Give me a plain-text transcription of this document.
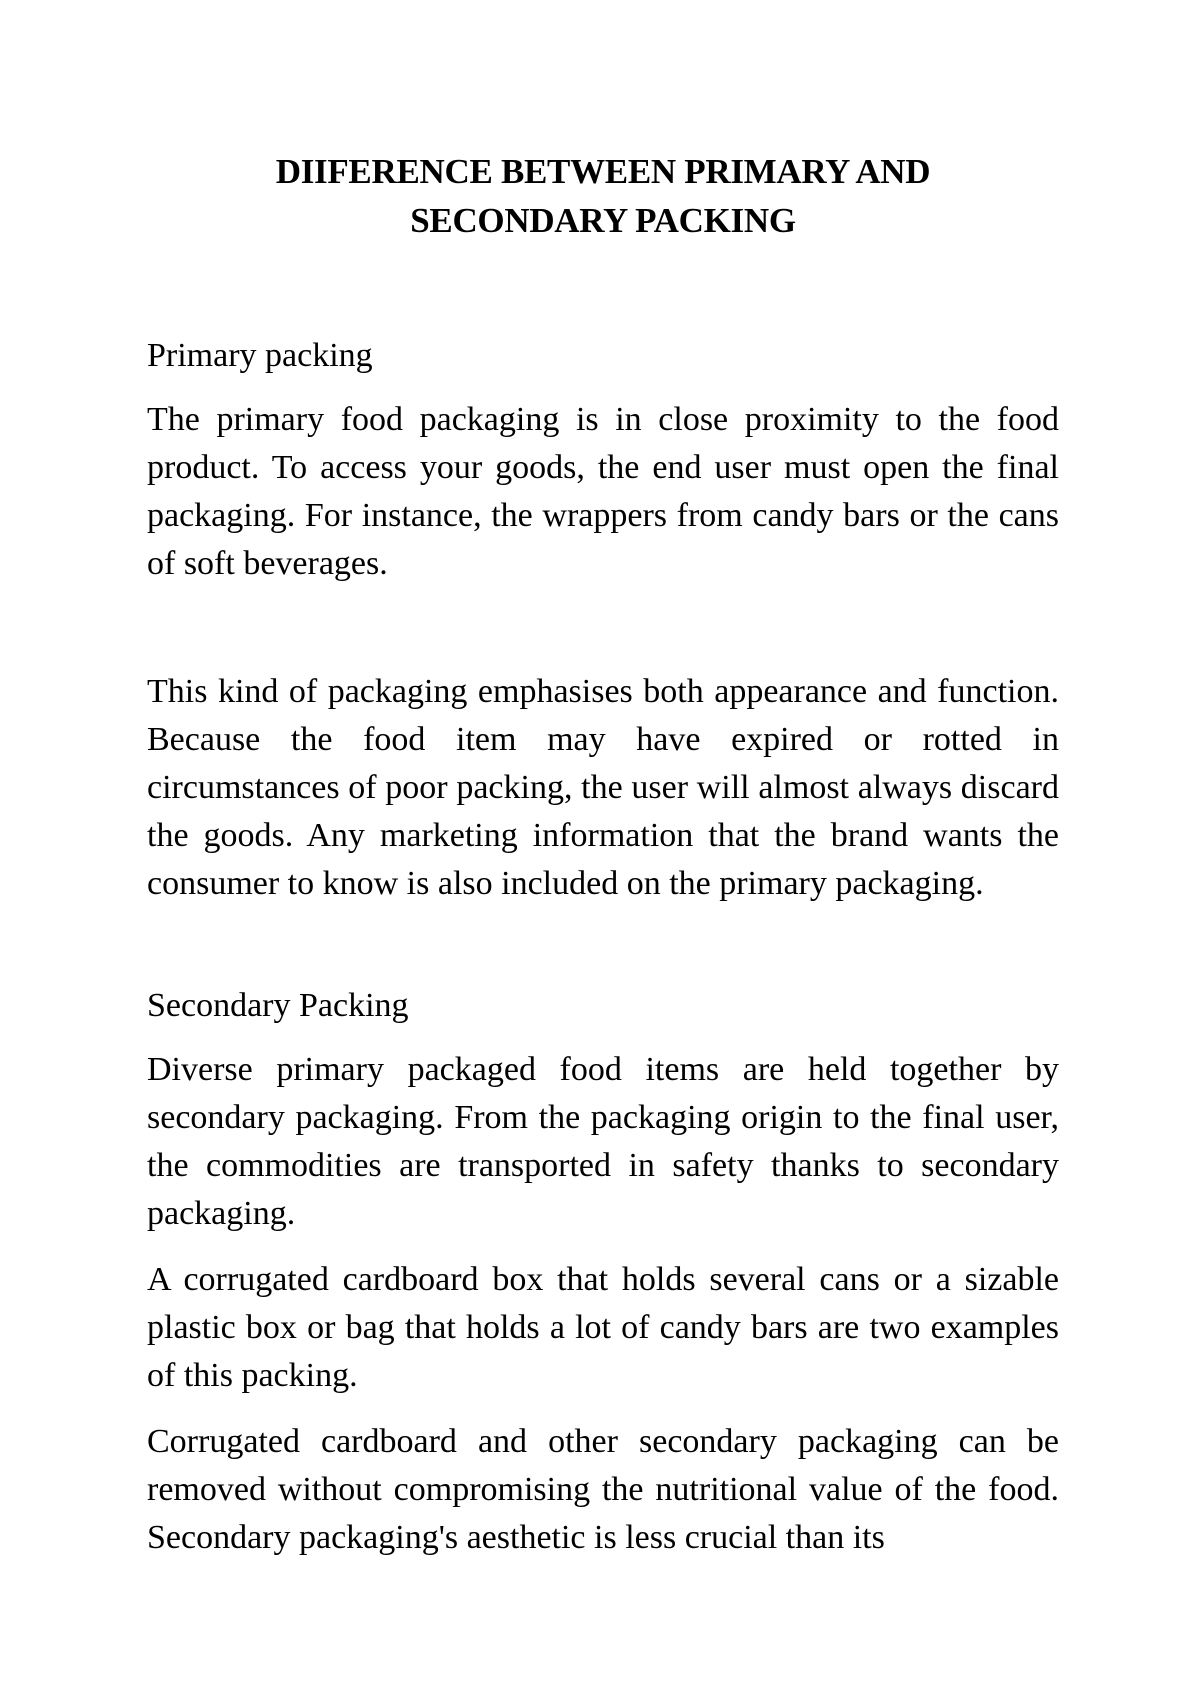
DIIFERENCE BETWEEN PRIMARY AND
SECONDARY PACKING

Primary packing

The primary food packaging is in close proximity to the food product. To access your goods, the end user must open the final packaging. For instance, the wrappers from candy bars or the cans of soft beverages.

This kind of packaging emphasises both appearance and function. Because the food item may have expired or rotted in circumstances of poor packing, the user will almost always discard the goods. Any marketing information that the brand wants the consumer to know is also included on the primary packaging.

Secondary Packing

Diverse primary packaged food items are held together by secondary packaging. From the packaging origin to the final user, the commodities are transported in safety thanks to secondary packaging.

A corrugated cardboard box that holds several cans or a sizable plastic box or bag that holds a lot of candy bars are two examples of this packing.

Corrugated cardboard and other secondary packaging can be removed without compromising the nutritional value of the food. Secondary packaging's aesthetic is less crucial than its
